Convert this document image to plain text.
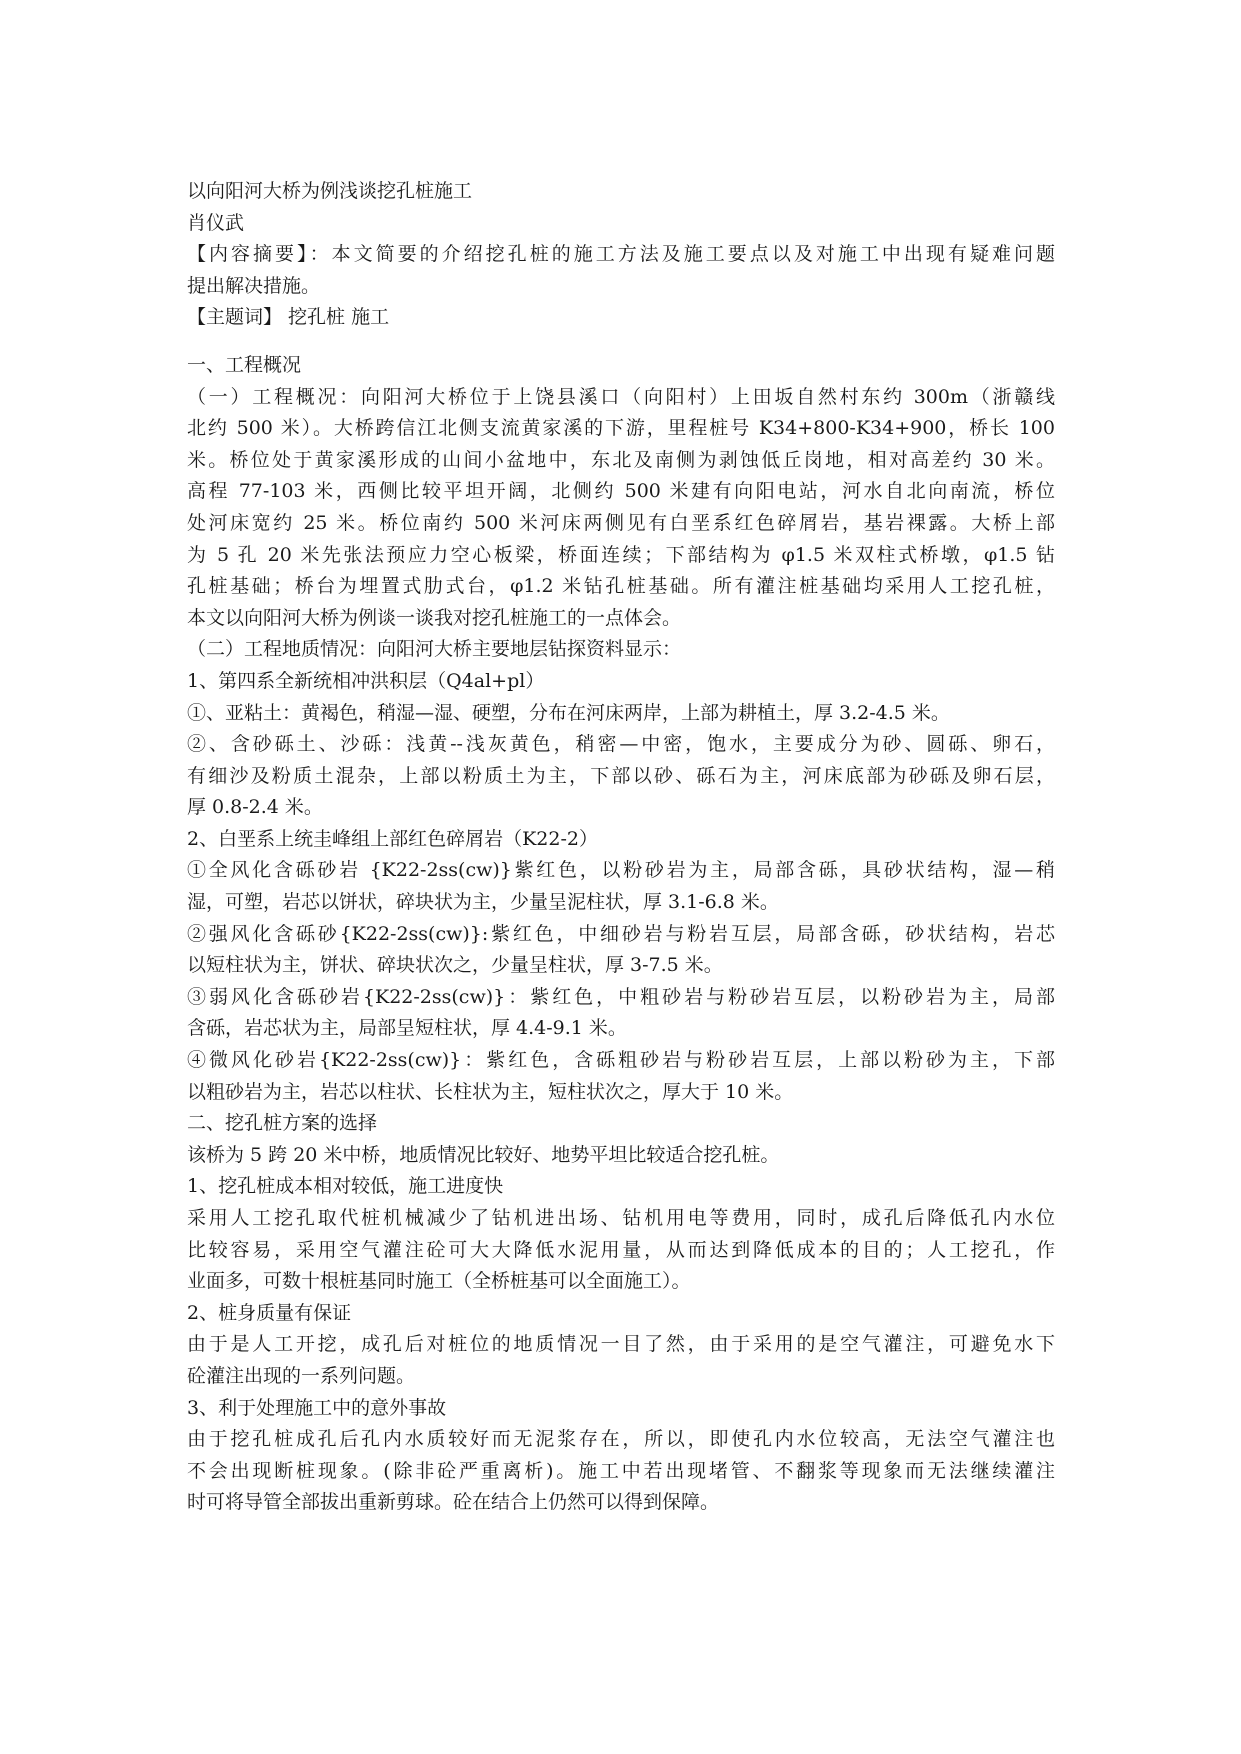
以向阳河大桥为例浅谈挖孔桩施工
肖仪武
【内容摘要】：本文简要的介绍挖孔桩的施工方法及施工要点以及对施工中出现有疑难问题
提出解决措施。
【主题词】 挖孔桩 施工
一、工程概况
（一）工程概况：向阳河大桥位于上饶县溪口（向阳村）上田坂自然村东约 300m（浙赣线
北约 500 米）。大桥跨信江北侧支流黄家溪的下游，里程桩号 K34+800-K34+900，桥长 100
米。桥位处于黄家溪形成的山间小盆地中，东北及南侧为剥蚀低丘岗地，相对高差约 30 米。
高程 77-103 米，西侧比较平坦开阔，北侧约 500 米建有向阳电站，河水自北向南流，桥位
处河床宽约 25 米。桥位南约 500 米河床两侧见有白垩系红色碎屑岩，基岩裸露。大桥上部
为 5 孔 20 米先张法预应力空心板梁，桥面连续；下部结构为 φ1.5 米双柱式桥墩，φ1.5 钻
孔桩基础；桥台为埋置式肋式台，φ1.2 米钻孔桩基础。所有灌注桩基础均采用人工挖孔桩，
本文以向阳河大桥为例谈一谈我对挖孔桩施工的一点体会。
（二）工程地质情况：向阳河大桥主要地层钻探资料显示：
1、第四系全新统相冲洪积层（Q4al+pl）
①、亚粘土：黄褐色，稍湿—湿、硬塑，分布在河床两岸，上部为耕植土，厚 3.2-4.5 米。
②、含砂砾土、沙砾：浅黄--浅灰黄色，稍密—中密，饱水，主要成分为砂、圆砾、卵石，
有细沙及粉质土混杂，上部以粉质土为主，下部以砂、砾石为主，河床底部为砂砾及卵石层，
厚 0.8-2.4 米。
2、白垩系上统圭峰组上部红色碎屑岩（K22-2）
①全风化含砾砂岩 {K22-2ss(cw)}紫红色，以粉砂岩为主，局部含砾，具砂状结构，湿—稍
湿，可塑，岩芯以饼状，碎块状为主，少量呈泥柱状，厚 3.1-6.8 米。
②强风化含砾砂{K22-2ss(cw)}:紫红色，中细砂岩与粉岩互层，局部含砾，砂状结构，岩芯
以短柱状为主，饼状、碎块状次之，少量呈柱状，厚 3-7.5 米。
③弱风化含砾砂岩{K22-2ss(cw)}：紫红色，中粗砂岩与粉砂岩互层，以粉砂岩为主，局部
含砾，岩芯状为主，局部呈短柱状，厚 4.4-9.1 米。
④微风化砂岩{K22-2ss(cw)}：紫红色，含砾粗砂岩与粉砂岩互层，上部以粉砂为主，下部
以粗砂岩为主，岩芯以柱状、长柱状为主，短柱状次之，厚大于 10 米。
二、挖孔桩方案的选择
该桥为 5 跨 20 米中桥，地质情况比较好、地势平坦比较适合挖孔桩。
1、挖孔桩成本相对较低，施工进度快
采用人工挖孔取代桩机械减少了钻机进出场、钻机用电等费用，同时，成孔后降低孔内水位
比较容易，采用空气灌注砼可大大降低水泥用量，从而达到降低成本的目的；人工挖孔，作
业面多，可数十根桩基同时施工（全桥桩基可以全面施工）。
2、桩身质量有保证
由于是人工开挖，成孔后对桩位的地质情况一目了然，由于采用的是空气灌注，可避免水下
砼灌注出现的一系列问题。
3、利于处理施工中的意外事故
由于挖孔桩成孔后孔内水质较好而无泥浆存在，所以，即使孔内水位较高，无法空气灌注也
不会出现断桩现象。(除非砼严重离析)。施工中若出现堵管、不翻浆等现象而无法继续灌注
时可将导管全部拔出重新剪球。砼在结合上仍然可以得到保障。
